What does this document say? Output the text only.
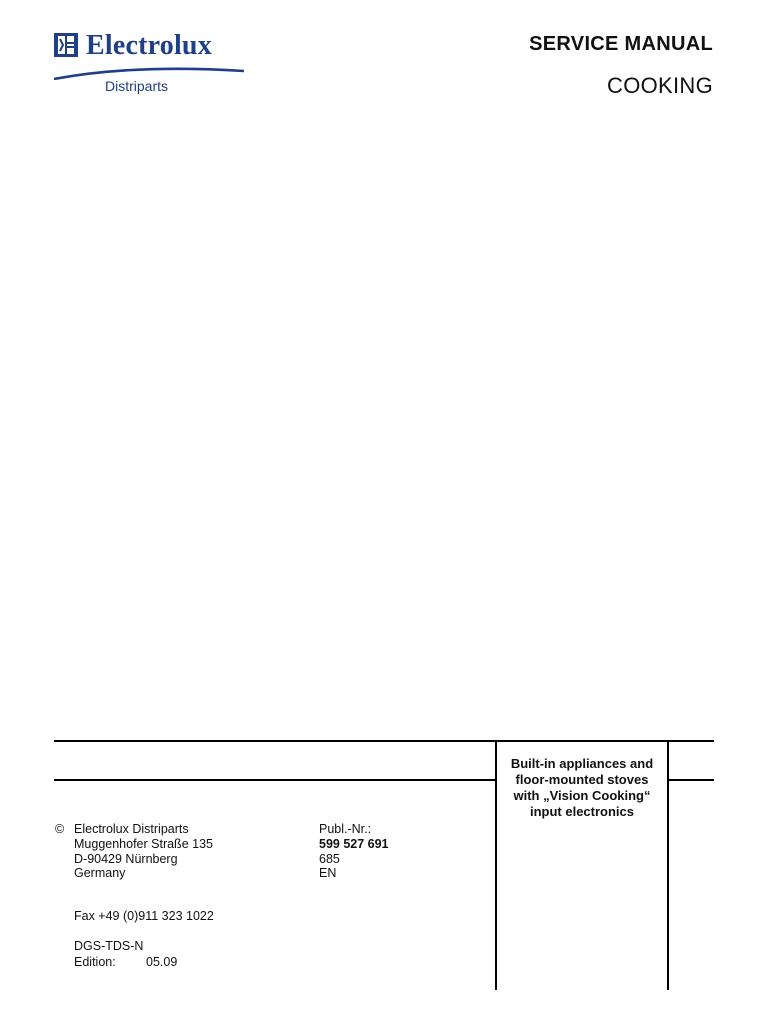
Electrolux
Distriparts
SERVICE MANUAL
COOKING
Built-in appliances and
floor-mounted stoves
with „Vision Cooking“
input electronics
© Electrolux Distriparts
Muggenhofer Straße 135
D-90429 Nürnberg
Germany
Publ.-Nr.:
599 527 691
685
EN
Fax +49 (0)911 323 1022
DGS-TDS-N
Edition: 05.09
